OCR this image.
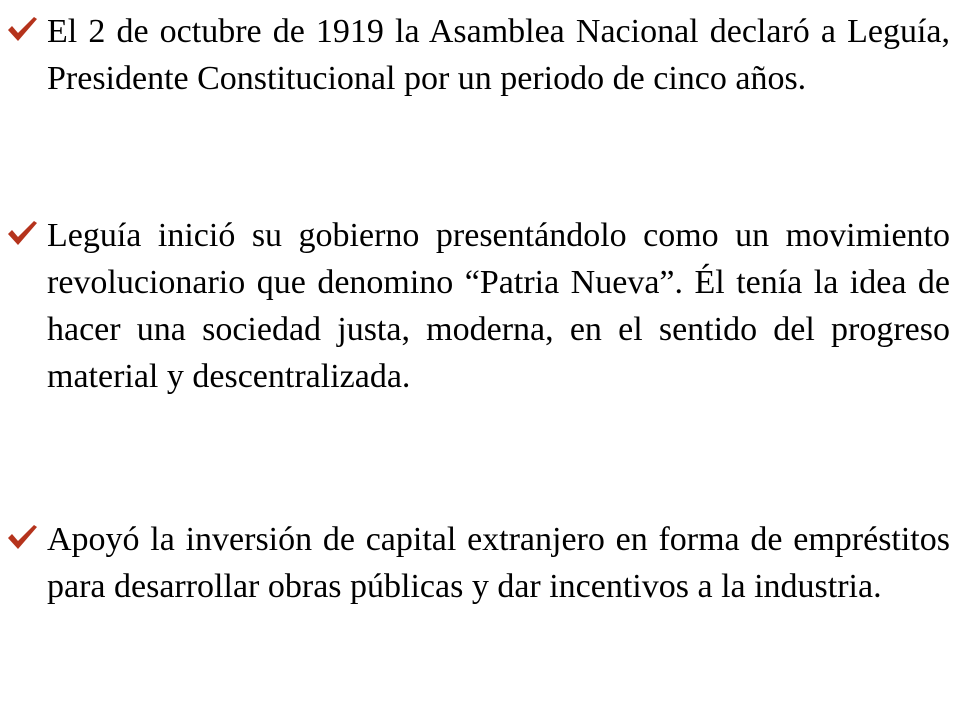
El 2 de octubre de 1919 la Asamblea Nacional declaró a Leguía, Presidente Constitucional por un periodo de cinco años.

Leguía inició su gobierno presentándolo como un movimiento revolucionario que denomino “Patria Nueva”. Él tenía la idea de hacer una sociedad justa, moderna, en el sentido del progreso material y descentralizada.

Apoyó la inversión de capital extranjero en forma de empréstitos para desarrollar obras públicas y dar incentivos a la industria.
